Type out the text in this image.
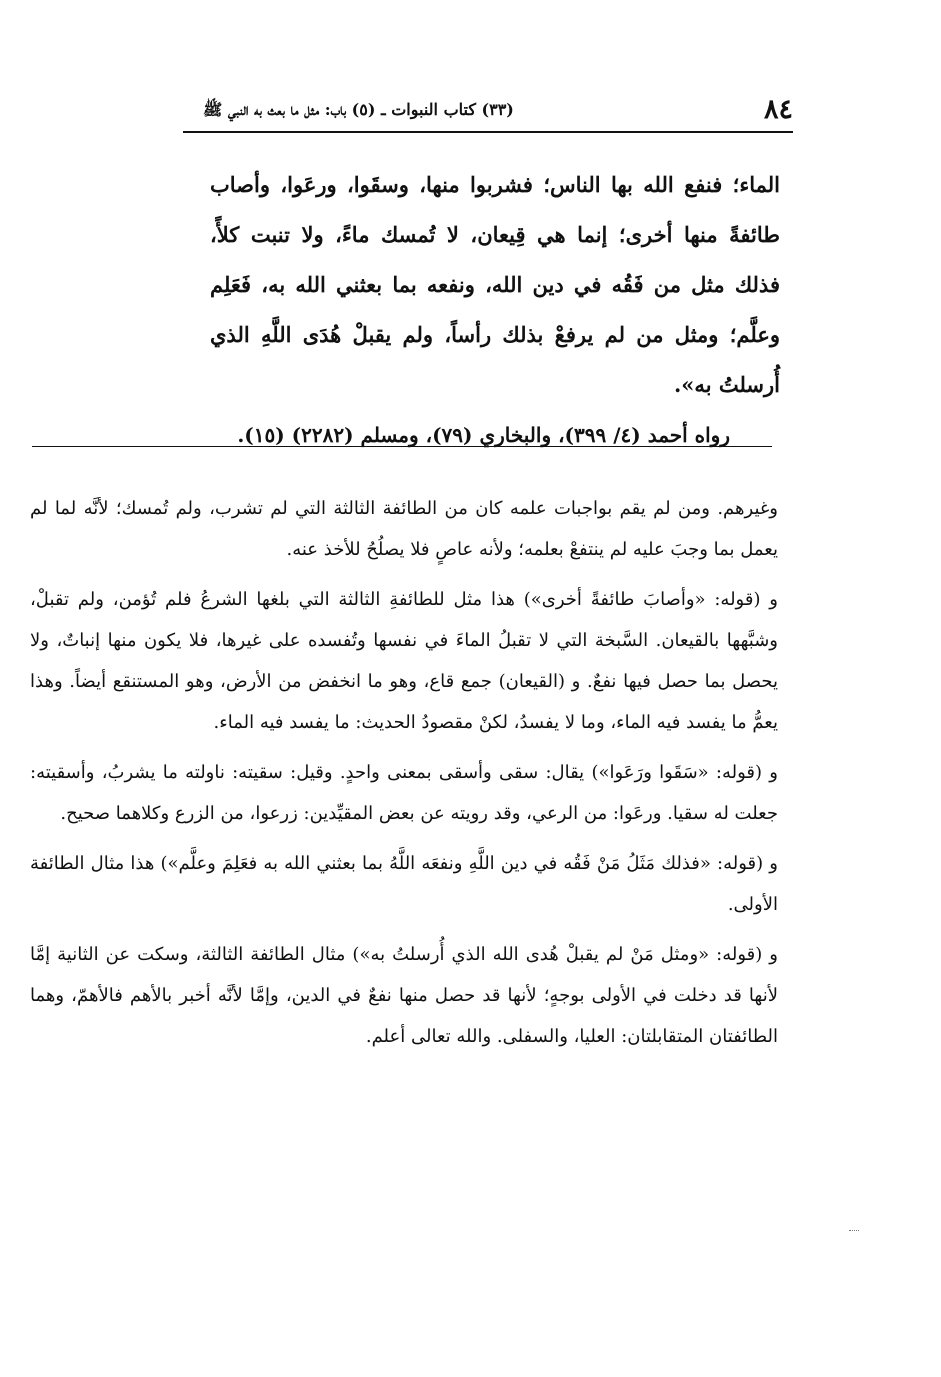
٨٤
(٣٣) كتاب النبوات ـ (٥) باب: مثل ما بعث به النبي ﷺ

الماء؛ فنفع الله بها الناس؛ فشربوا منها، وسقَوا، ورعَوا، وأصاب طائفةً منها أخرى؛ إنما هي قِيعان، لا تُمسك ماءً، ولا تنبت كلأً، فذلك مثل من فَقُه في دين الله، ونفعه بما بعثني الله به، فَعَلِم وعلَّم؛ ومثل من لم يرفعْ بذلك رأساً، ولم يقبلْ هُدَى اللَّهِ الذي أُرسلتُ به».

رواه أحمد (٤/ ٣٩٩)، والبخاري (٧٩)، ومسلم (٢٢٨٢) (١٥).

وغيرهم. ومن لم يقم بواجبات علمه كان من الطائفة الثالثة التي لم تشرب، ولم تُمسك؛ لأنَّه لما لم يعمل بما وجبَ عليه لم ينتفعْ بعلمه؛ ولأنه عاصٍ فلا يصلُحُ للأخذ عنه.

و (قوله: «وأصابَ طائفةً أخرى») هذا مثل للطائفةِ الثالثة التي بلغها الشرعُ فلم تُؤمن، ولم تقبلْ، وشبَّهها بالقيعان. السَّبخة التي لا تقبلُ الماءَ في نفسها وتُفسده على غيرها، فلا يكون منها إنباتٌ، ولا يحصل بما حصل فيها نفعٌ. و (القيعان) جمع قاع، وهو ما انخفض من الأرض، وهو المستنقع أيضاً. وهذا يعمُّ ما يفسد فيه الماء، وما لا يفسدُ، لكنْ مقصودُ الحديث: ما يفسد فيه الماء.

و (قوله: «سَقَوا ورَعَوا») يقال: سقى وأسقى بمعنى واحدٍ. وقيل: سقيته: ناولته ما يشربُ، وأسقيته: جعلت له سقيا. ورعَوا: من الرعي، وقد رويته عن بعض المقيِّدين: زرعوا، من الزرع وكلاهما صحيح.

و (قوله: «فذلك مَثَلُ مَنْ فَقُه في دين اللَّهِ ونفعَه اللَّهُ بما بعثني الله به فعَلِمَ وعلَّم») هذا مثال الطائفة الأولى.

و (قوله: «ومثل مَنْ لم يقبلْ هُدى الله الذي أُرسلتُ به») مثال الطائفة الثالثة، وسكت عن الثانية إمَّا لأنها قد دخلت في الأولى بوجهٍ؛ لأنها قد حصل منها نفعٌ في الدين، وإمَّا لأنَّه أخبر بالأهم فالأهمّ، وهما الطائفتان المتقابلتان: العليا، والسفلى. والله تعالى أعلم.
